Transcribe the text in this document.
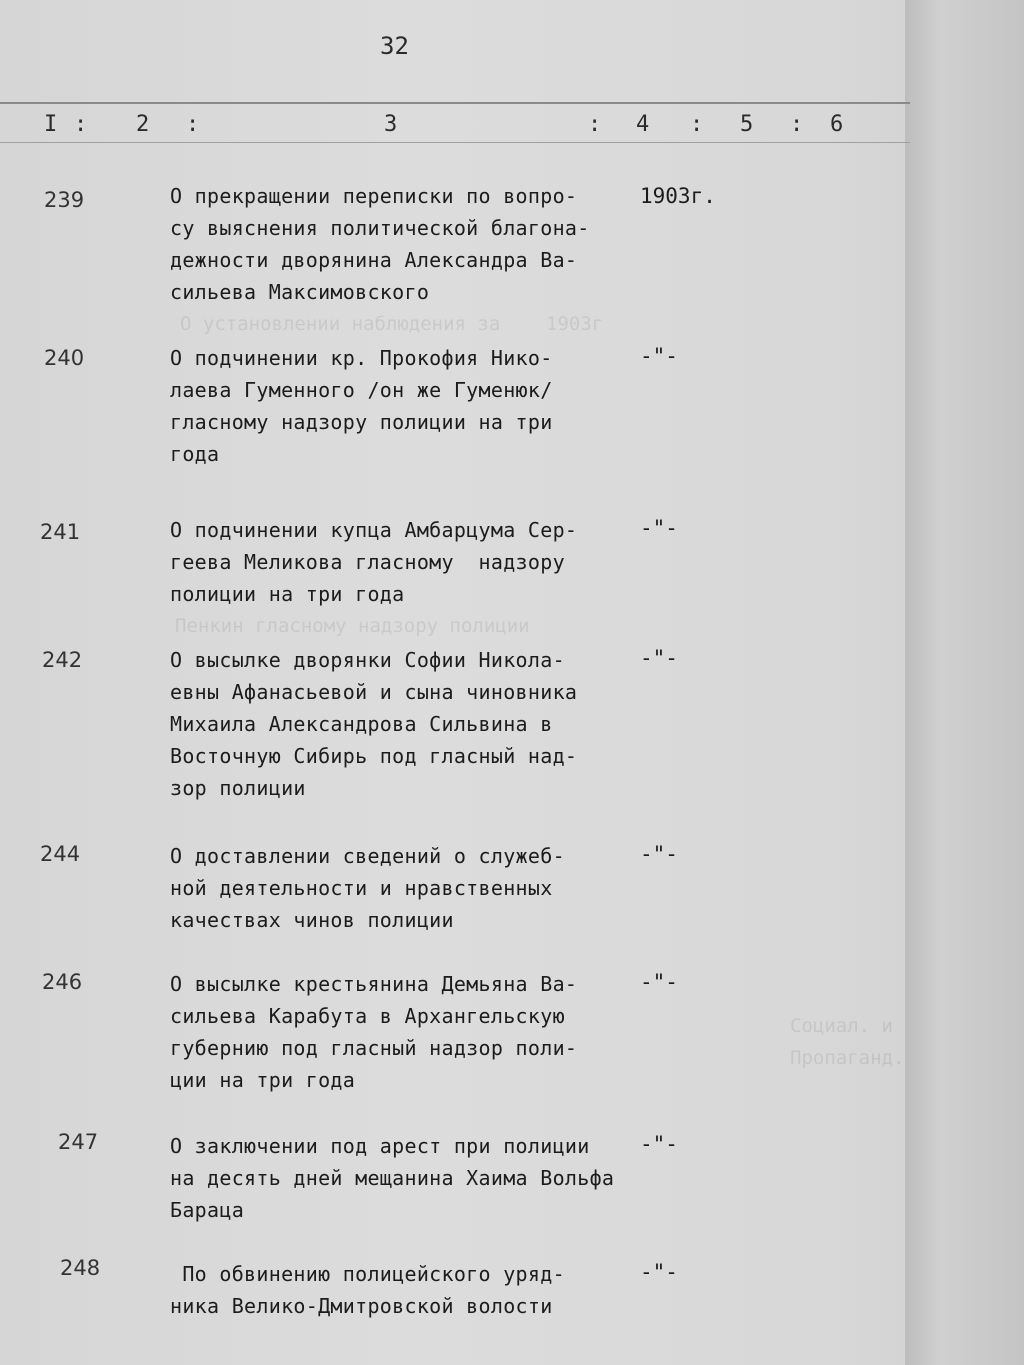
О установлении наблюдения за    1903г
Пенкин гласному надзору полиции
Социал. и
Пропаганд.
32
I : 2 :	3	: 4 : 5 : 6
239	О прекращении переписки по вопро-
су выяснения политической благона-
дежности дворянина Александра Ва-
сильева Максимовского
1903г.
240	О подчинении кр. Прокофия Нико-
лаева Гуменного /он же Гуменюк/
гласному надзору полиции на три
года
-"-
241	О подчинении купца Амбарцума Сер-
геева Меликова гласному  надзору
полиции на три года
-"-
242	О высылке дворянки Софии Николa-
евны Афанасьевой и сына чиновника
Михаила Александрова Сильвина в
Восточную Сибирь под гласный над-
зор полиции
-"-
244	О доставлении сведений о служеб-
ной деятельности и нравственных
качествах чинов полиции
-"-
246	О высылке крестьянина Демьяна Ва-
сильева Карабута в Архангельскую
губернию под гласный надзор поли-
ции на три года
-"-
247	О заключении под арест при полиции
на десять дней мещанина Хаима Вольфа
Бараца
-"-
248	По обвинению полицейского уряд-
ника Велико-Дмитровской волости
-"-
